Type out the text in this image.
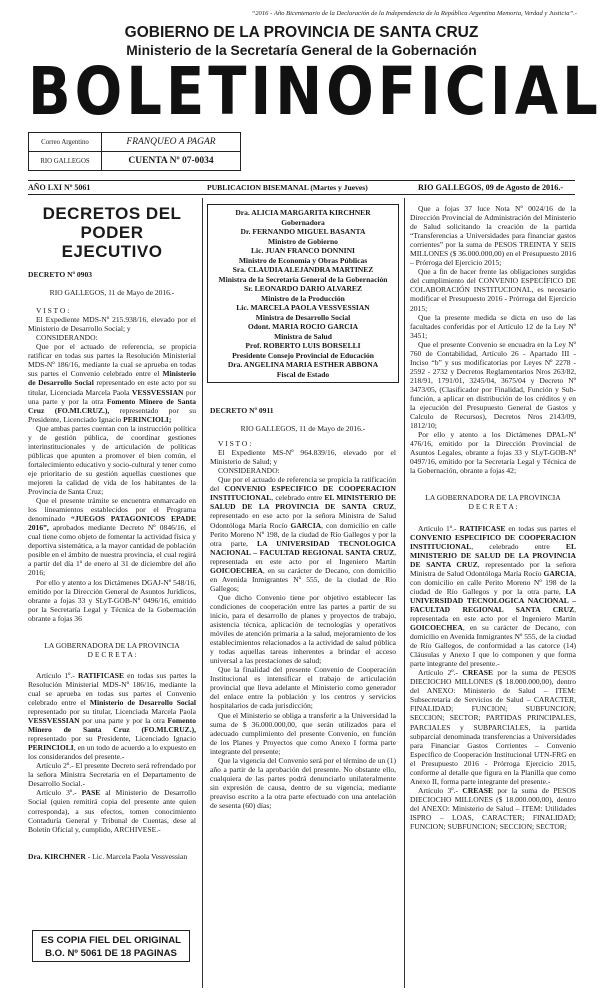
“2016 - Año Bicentenario de la Declaración de la Independencia de la República Argentina Memoria, Verdad y Justicia”.-
GOBIERNO DE LA PROVINCIA DE SANTA CRUZ
Ministerio de la Secretaría General de la Gobernación
BOLETIN OFICIAL
Correo Argentino	FRANQUEO A PAGAR
RIO GALLEGOS	CUENTA Nº 07-0034
AÑO LXI Nº 5061	PUBLICACION BISEMANAL (Martes y Jueves)	RIO GALLEGOS, 09 de Agosto de 2016.-
DECRETOS DEL
PODER EJECUTIVO

DECRETO Nº 0903

RIO GALLEGOS, 11 de Mayo de 2016.-

V I S T O :

El Expediente MDS-Nº 215.938/16, elevado por el Ministerio de Desarrollo Social; y

CONSIDERANDO:

Que por el actuado de referencia, se propicia ratificar en todas sus partes la Resolución Ministerial MDS-Nº 186/16, mediante la cual se aprueba en todas sus partes el Convenio celebrado entre el Ministerio de Desarrollo Social representado en este acto por su titular, Licenciada Marcela Paola VESSVESSIAN por una parte y por la otra Fomento Minero de Santa Cruz (FO.MI.CRUZ.), representado por su Presidente, Licenciado Ignacio PERINCIOLI;

Que ambas partes cuentan con la instrucción política y de gestión pública, de coordinar gestiones interinstitucionales y de articulación de políticas públicas que apunten a promover el bien común, el fortalecimiento educativo y socio-cultural y tener como eje prioritario de su gestión aquellas cuestiones que mejoren la calidad de vida de los habitantes de la Provincia de Santa Cruz;

Que el presente trámite se encuentra enmarcado en los lineamientos establecidos por el Programa denominado “JUEGOS PATAGONICOS EPADE 2016”, aprobados mediante Decreto Nº 0846/16, el cual tiene como objeto de fomentar la actividad física y deportiva sistemática, a la mayor cantidad de población posible en el ámbito de nuestra provincia, el cual regirá a partir del día 1º de enero al 31 de diciembre del año 2016;

Por ello y atento a los Dictámenes DGAJ-Nº 548/16, emitido por la Dirección General de Asuntos Jurídicos, obrante a fojas 33 y SLyT-GOB-Nº 0496/16, emitido por la Secretaría Legal y Técnica de la Gobernación obrante a fojas 36

LA GOBERNADORA DE LA PROVINCIA

D E C R E T A :

Artículo 1º.- RATIFICASE en todas sus partes la Resolución Ministerial MDS-Nº 186/16, mediante la cual se aprueba en todas sus partes el Convenio celebrado entre el Ministerio de Desarrollo Social representado por su titular, Licenciada Marcela Paola VESSVESSIAN por una parte y por la otra Fomento Minero de Santa Cruz (FO.MI.CRUZ.), representado por su Presidente, Licenciado Ignacio PERINCIOLI, en un todo de acuerdo a lo expuesto en los considerandos del presente.-

Artículo 2º.- El presente Decreto será refrendado por la señora Ministra Secretaria en el Departamento de Desarrollo Social.-

Artículo 3º.- PASE al Ministerio de Desarrollo Social (quien remitirá copia del presente ante quien corresponda), a sus efectos, tomen conocimiento Contaduría General y Tribunal de Cuentas, dese al Boletín Oficial y, cumplido, ARCHIVESE.-

Dra. KIRCHNER - Lic. Marcela Paola Vessvessian

ES COPIA FIEL DEL ORIGINAL
B.O. Nº 5061 DE 18 PAGINAS
Dra. ALICIA MARGARITA KIRCHNER
Gobernadora
Dr. FERNANDO MIGUEL BASANTA
Ministro de Gobierno
Lic. JUAN FRANCO DONNINI
Ministro de Economía y Obras Públicas
Sra. CLAUDIA ALEJANDRA MARTINEZ
Ministra de la Secretaría General de la Gobernación
Sr. LEONARDO DARIO ALVAREZ
Ministro de la Producción
Lic. MARCELA PAOLA VESSVESSIAN
Ministra de Desarrollo Social
Odont. MARIA ROCIO GARCIA
Ministra de Salud
Prof. ROBERTO LUIS BORSELLI
Presidente Consejo Provincial de Educación
Dra. ANGELINA MARIA ESTHER ABBONA
Fiscal de Estado

DECRETO Nº 0911

RIO GALLEGOS, 11 de Mayo de 2016.-

V I S T O :

El Expediente MS-Nº 964.839/16, elevado por el Ministerio de Salud; y

CONSIDERANDO:

Que por el actuado de referencia se propicia la ratificación del CONVENIO ESPECIFICO DE COOPERACION INSTITUCIONAL, celebrado entre EL MINISTERIO DE SALUD DE LA PROVINCIA DE SANTA CRUZ, representado en ese acto por la señora Ministra de Salud Odontóloga María Rocío GARCIA, con domicilio en calle Perito Moreno Nº 198, de la ciudad de Río Gallegos y por la otra parte, LA UNIVERSIDAD TECNOLOGICA NACIONAL – FACULTAD REGIONAL SANTA CRUZ, representada en este acto por el Ingeniero Martín GOICOECHEA, en su carácter de Decano, con domicilio en Avenida Inmigrantes Nº 555, de la ciudad de Río Gallegos;

Que dicho Convenio tiene por objetivo establecer las condiciones de cooperación entre las partes a partir de su inicio, para el desarrollo de planes y proyectos de trabajo, asistencia técnica, aplicación de tecnologías y operativos móviles de atención primaria a la salud, mejoramiento de los establecimientos relacionados a la actividad de salud pública y todas aquellas tareas inherentes a brindar el acceso universal a las prestaciones de salud;

Que la finalidad del presente Convenio de Cooperación Institucional es intensificar el trabajo de articulación provincial que lleva adelante el Ministerio como generador del enlace entre la población y los centros y servicios hospitalarios de cada jurisdicción;

Que el Ministerio se obliga a transferir a la Universidad la suma de $ 36.000.000,00, que serán utilizados para el adecuado cumplimiento del presente Convenio, en función de los Planes y Proyectos que como Anexo I forma parte integrante del presente;

Que la vigencia del Convenio será por el término de un (1) año a partir de la aprobación del presente. No obstante ello, cualquiera de las partes podrá denunciarlo unilateralmente sin expresión de causa, dentro de su vigencia, mediante preaviso escrito a la otra parte efectuado con una antelación de sesenta (60) días;

Que a fojas 37 luce Nota Nº 0024/16 de la Dirección Provincial de Administración del Ministerio de Salud solicitando la creación de la partida “Transferencias a Universidades para financiar gastos corrientes” por la suma de PESOS TREINTA Y SEIS MILLONES ($ 36.000.000,00) en el Presupuesto 2016 – Prórroga del Ejercicio 2015;

Que a fin de hacer frente las obligaciones surgidas del cumplimiento del CONVENIO ESPECÍFICO DE COLABORACIÓN INSTITUCIONAL, es necesario modificar el Presupuesto 2016 - Prórroga del Ejercicio 2015;

Que la presente medida se dicta en uso de las facultades conferidas por el Artículo 12 de la Ley Nº 3451;

Que el presente Convenio se encuadra en la Ley Nº 760 de Contabilidad, Artículo 26 - Apartado III - Inciso “b” y sus modificatorias por Leyes Nº 2278 - 2592 - 2732 y Decretos Reglamentarios Nros 263/82, 218/91, 1791/01, 3245/04, 3675/04 y Decreto Nº 3473/05, (Clasificador por Finalidad, Función y Sub-función, a aplicar en distribución de los créditos y en la ejecución del Presupuesto General de Gastos y Calculo de Recursos), Decretos Nros 2143/09, 1812/10;

Por ello y atento a los Dictámenes DPAL-Nº 476/16, emitido por la Dirección Provincial de Asuntos Legales, obrante a fojas 33 y SLyT-GOB-Nº 0497/16, emitido por la Secretaría Legal y Técnica de la Gobernación, obrante a fojas 42;

LA GOBERNADORA DE LA PROVINCIA

D E C R E T A :

Artículo 1º.- RATIFICASE en todas sus partes el CONVENIO ESPECIFICO DE COOPERACION INSTITUCIONAL, celebrado entre EL MINISTERIO DE SALUD DE LA PROVINCIA DE SANTA CRUZ, representado por la señora Ministra de Salud Odontóloga María Rocío GARCIA, con domicilio en calle Perito Moreno Nº 198 de la ciudad de Río Gallegos y por la otra parte, LA UNIVERSIDAD TECNOLOGICA NACIONAL – FACULTAD REGIONAL SANTA CRUZ, representada en este acto por el Ingeniero Martín GOICOECHEA, en su carácter de Decano, con domicilio en Avenida Inmigrantes Nº 555, de la ciudad de Río Gallegos, de conformidad a las catorce (14) Cláusulas y Anexo I que lo componen y que forma parte integrante del presente.-

Artículo 2º.- CREASE por la suma de PESOS DIECIOCHO MILLONES ($ 18.000.000,00), dentro del ANEXO: Ministerio de Salud – ITEM: Subsecretaría de Servicios de Salud – CARACTER, FINALIDAD; FUNCION; SUBFUNCION; SECCION; SECTOR; PARTIDAS PRINCIPALES, PARCIALES y SUBPARCIALES, la partida subparcial denominada transferencias a Universidades para Financiar Gastos Corrientes – Convenio Específico de Cooperación Institucional UTN-FRG en el Presupuesto 2016 - Prórroga Ejercicio 2015, conforme al detalle que figura en la Planilla que como Anexo II, forma parte integrante del presente.-

Artículo 3º.- CREASE por la suma de PESOS DIECIOCHO MILLONES ($ 18.000.000,00), dentro del ANEXO: Ministerio de Salud – ITEM: Utilidades ISPRO – LOAS, CARACTER; FINALIDAD; FUNCION; SUBFUNCION; SECCION; SECTOR;
